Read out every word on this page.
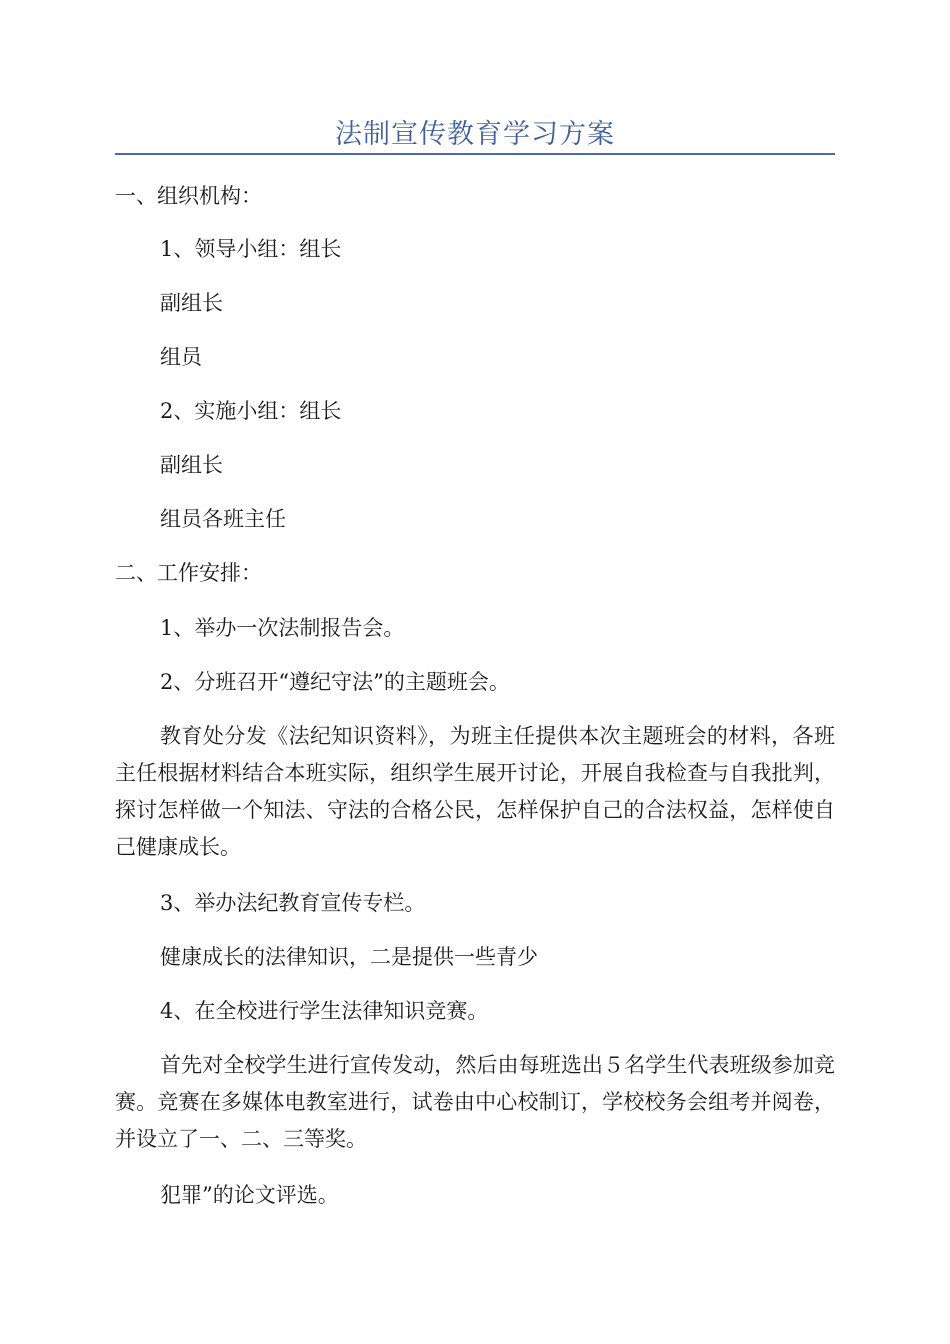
法制宣传教育学习方案
一、组织机构：
1、领导小组：组长
副组长
组员
2、实施小组：组长
副组长
组员各班主任
二、工作安排：
1、举办一次法制报告会。
2、分班召开“遵纪守法”的主题班会。
教育处分发《法纪知识资料》，为班主任提供本次主题班会的材料，各班主任根据材料结合本班实际，组织学生展开讨论，开展自我检查与自我批判，探讨怎样做一个知法、守法的合格公民，怎样保护自己的合法权益，怎样使自己健康成长。
3、举办法纪教育宣传专栏。
健康成长的法律知识，二是提供一些青少
4、在全校进行学生法律知识竞赛。
首先对全校学生进行宣传发动，然后由每班选出５名学生代表班级参加竞赛。竞赛在多媒体电教室进行，试卷由中心校制订，学校校务会组考并阅卷，并设立了一、二、三等奖。
犯罪”的论文评选。
